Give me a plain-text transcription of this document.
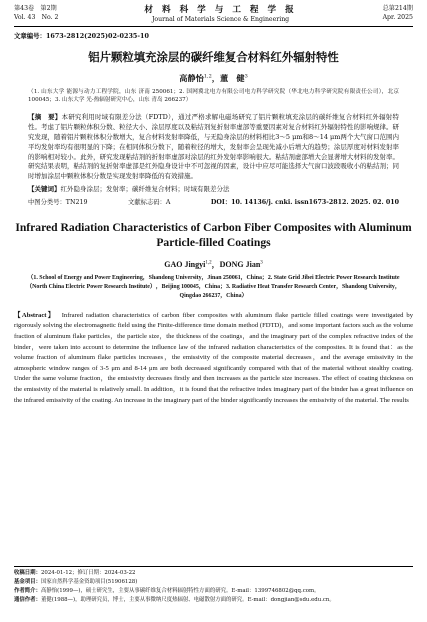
第43卷　第2期
Vol. 43　No. 2
材 料 科 学 与 工 程 学 报
Journal of Materials Science & Engineering
总第214期
Apr. 2025
文章编号：1673-2812(2025)02-0235-10
铝片颗粒填充涂层的碳纤维复合材料红外辐射特性
高静怡$^{1,2}$，董　健$^3$
（1. 山东大学 能源与动力工程学院，山东 济南 250061；2. 国网冀北电力有限公司电力科学研究院（华北电力科学研究院有限责任公司），北京 100045；3. 山东大学 光-热辐射研究中心，山东 青岛 266237）
【摘　要】本研究利用时域有限差分法（FDTD），通过严格求解电磁场研究了铝片颗粒填充涂层的碳纤维复合材料红外辐射特性。考虑了铝片颗粒体积分数、粒径大小、涂层厚度以及粘结剂复折射率虚部等重要因素对复合材料红外辐射特性的影响规律。研究发现，随着铝片颗粒体积分数增大，复合材料发射率降低，与无隐身涂层的材料相比3～5 μm和8～14 μm两个大气窗口范围内平均发射率均有很明显的下降；在相同体积分数下，随着粒径的增大，发射率会呈现先减小后增大的趋势；涂层厚度对材料发射率的影响相对较小。此外，研究发现粘结剂的折射率虚部对涂层的红外发射率影响很大。粘结剂虚部增大会显著增大材料的发射率。研究结果表明，粘结剂的复折射率虚部是红外隐身设计中不可忽视的因素，设计中应尽可能选择大气窗口波段吸收小的粘结剂；同时增加涂层中颗粒体积分数是实现发射率降低的有效措施。
【关键词】红外隐身涂层；发射率；碳纤维复合材料；时域有限差分法
中图分类号：TN219	文献标志码：A	DOI：10. 14136/j. cnki. issn1673-2812. 2025. 02. 010
Infrared Radiation Characteristics of Carbon Fiber Composites with Aluminum Particle-filled Coatings
GAO Jingyi$^{1,2}$，DONG Jian$^3$
（1. School of Energy and Power Engineering，Shandong University，Jinan 250061，China；2. State Grid Jibei Electric Power Research Institute（North China Electric Power Research Institute），Beijing 100045，China；3. Radiative Heat Transfer Research Center，Shandong University，Qingdao 266237，China）
【Abstract】 Infrared radiation characteristics of carbon fiber composites with aluminum flake particle filled coatings were investigated by rigorously solving the electromagnetic field using the Finite-difference time domain method (FDTD)，and some important factors such as the volume fraction of aluminum flake particles，the particle size，the thickness of the coatings，and the imaginary part of the complex refractive index of the binder，were taken into account to determine the influence law of the infrared radiation characteristics of the composites. It is found that：as the volume fraction of aluminum flake particles increases，the emissivity of the composite material decreases，and the average emissivity in the atmospheric window ranges of 3-5 μm and 8-14 μm are both decreased significantly compared with that of the material without stealthy coating. Under the same volume fraction，the emissivity decreases firstly and then increases as the particle size increases. The effect of coating thickness on the emissivity of the material is relatively small. In addition，it is found that the refractive index imaginary part of the binder has a great influence on the infrared emissivity of the coating. An increase in the imaginary part of the binder significantly increases the emissivity of the material. The results

收稿日期：2024-01-12；修订日期：2024-03-22

基金项目：国家自然科学基金资助项目(51906128)

作者简介：高静怡(1999—)，硕士研究生，主要从事碳纤维复合材料辐射特性方面的研究。E-mail：1399746802@qq.com。

通信作者：董健(1988—)，助理研究员，博士，主要从事微纳尺度热辐射、电磁散射方面的研究。E-mail：dongjian@sdu.edu.cn。
